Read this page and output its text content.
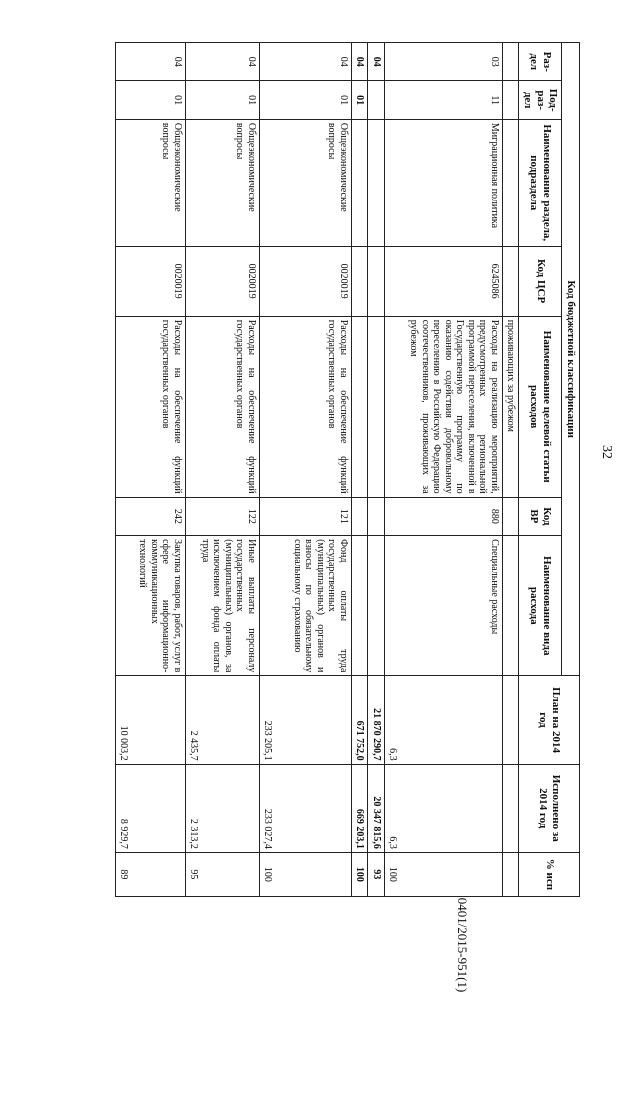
32
Код бюджетной классификации							План на 2014 год	Исполнено за 2014 год	% исп
Раз-дел	Под-раз-дел	Наименование раздела, подраздела	Код ЦСР	Наименование целевой статьи расходов	Код ВР	Наименование вида расхода			
				проживающих за рубежом					
03	11	Миграционная политика	6245086	Расходы на реализацию мероприятий, предусмотренных региональной программой переселения, включенной в Государственную программу по оказанию содействия добровольному переселению в Российскую Федерацию соотечественников, проживающих за рубежом	880	Специальные расходы	6,3	6,3	100
04							21 870 290,7	20 347 815,6	93
04	01						671 752,0	669 203,1	100
04	01	Общеэкономические вопросы	0020019	Расходы на обеспечение функций государственных органов	121	Фонд оплаты труда государственных (муниципальных) органов и взносы по обязательному социальному страхованию	233 205,1	233 027,4	100
04	01	Общеэкономические вопросы	0020019	Расходы на обеспечение функций государственных органов	122	Иные выплаты персоналу государственных (муниципальных) органов, за исключением фонда оплаты труда	2 435,7	2 313,2	95
04	01	Общеэкономические вопросы	0020019	Расходы на обеспечение функций государственных органов	242	Закупка товаров, работ, услуг в сфере информационно-коммуникационных технологий	10 003,2	8 929,7	89
0401/2015-951(1)
